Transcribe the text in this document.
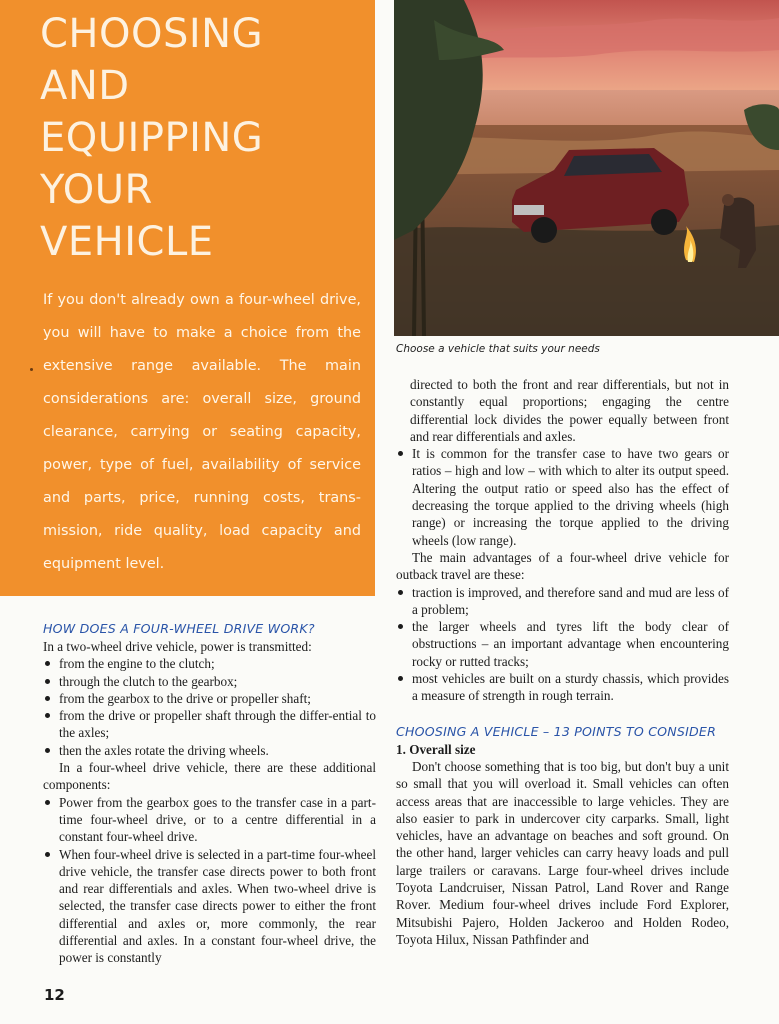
CHOOSING
AND
EQUIPPING
YOUR
VEHICLE

If you don't already own a four-wheel drive, you will have to make a choice from the extensive range available. The main considerations are: overall size, ground clearance, carrying or seating capacity, power, type of fuel, availability of service and parts, price, running costs, trans-mission, ride quality, load capacity and equipment level.

Choose a vehicle that suits your needs

HOW DOES A FOUR-WHEEL DRIVE WORK?

In a two-wheel drive vehicle, power is transmitted:

from the engine to the clutch;
through the clutch to the gearbox;
from the gearbox to the drive or propeller shaft;
from the drive or propeller shaft through the differ-ential to the axles;
then the axles rotate the driving wheels.

In a four-wheel drive vehicle, there are these additional components:

Power from the gearbox goes to the transfer case in a part-time four-wheel drive, or to a centre differential in a constant four-wheel drive.
When four-wheel drive is selected in a part-time four-wheel drive vehicle, the transfer case directs power to both front and rear differentials and axles. When two-wheel drive is selected, the transfer case directs power to either the front differential and axles or, more commonly, the rear differential and axles. In a constant four-wheel drive, the power is constantly

directed to both the front and rear differentials, but not in constantly equal proportions; engaging the centre differential lock divides the power equally between front and rear differentials and axles.

It is common for the transfer case to have two gears or ratios – high and low – with which to alter its output speed. Altering the output ratio or speed also has the effect of decreasing the torque applied to the driving wheels (high range) or increasing the torque applied to the driving wheels (low range).

The main advantages of a four-wheel drive vehicle for outback travel are these:

traction is improved, and therefore sand and mud are less of a problem;
the larger wheels and tyres lift the body clear of obstructions – an important advantage when encountering rocky or rutted tracks;
most vehicles are built on a sturdy chassis, which provides a measure of strength in rough terrain.
CHOOSING A VEHICLE – 13 POINTS TO CONSIDER
1. Overall size

Don't choose something that is too big, but don't buy a unit so small that you will overload it. Small vehicles can often access areas that are inaccessible to large vehicles. They are also easier to park in undercover city carparks. Small, light vehicles, have an advantage on beaches and soft ground. On the other hand, larger vehicles can carry heavy loads and pull large trailers or caravans. Large four-wheel drives include Toyota Landcruiser, Nissan Patrol, Land Rover and Range Rover. Medium four-wheel drives include Ford Explorer, Mitsubishi Pajero, Holden Jackeroo and Holden Rodeo, Toyota Hilux, Nissan Pathfinder and

12
